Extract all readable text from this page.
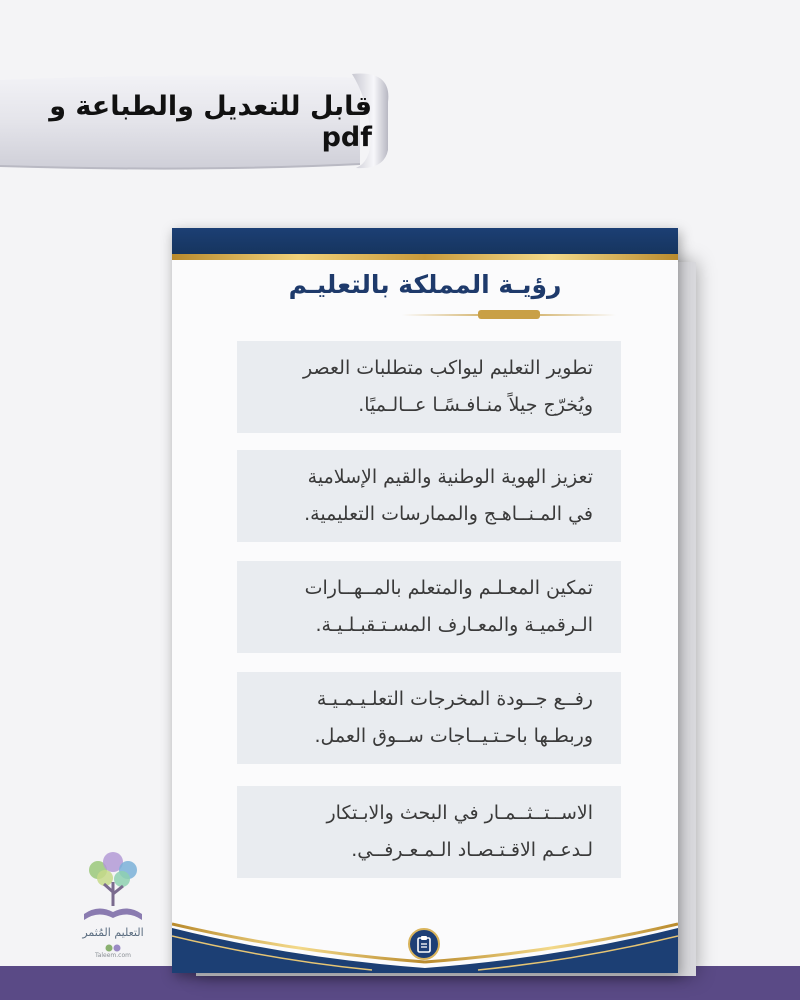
قابل للتعديل والطباعة و pdf
رؤيـة المملكة بالتعليـم
تطوير التعليم ليواكب متطلبات العصر
ويُخرّج جيلاً منـافـسًـا عــالـميًا.
تعزيز الهوية الوطنية والقيم الإسلامية
في المـنــاهـج والممارسات التعليمية.
تمكين المعـلـم والمتعلم بالمــهــارات
الـرقميـة والمعـارف المسـتـقبـلـيـة.
رفــع جــودة المخرجات التعلـيـمـيـة
وربطـها باحـتـيــاجات ســوق العمل.
الاســتــثــمـار في البحث والابـتكار
لـدعـم الاقـتـصـاد الـمـعـرفــي.
التعليم المُثمر
Taleem.com
